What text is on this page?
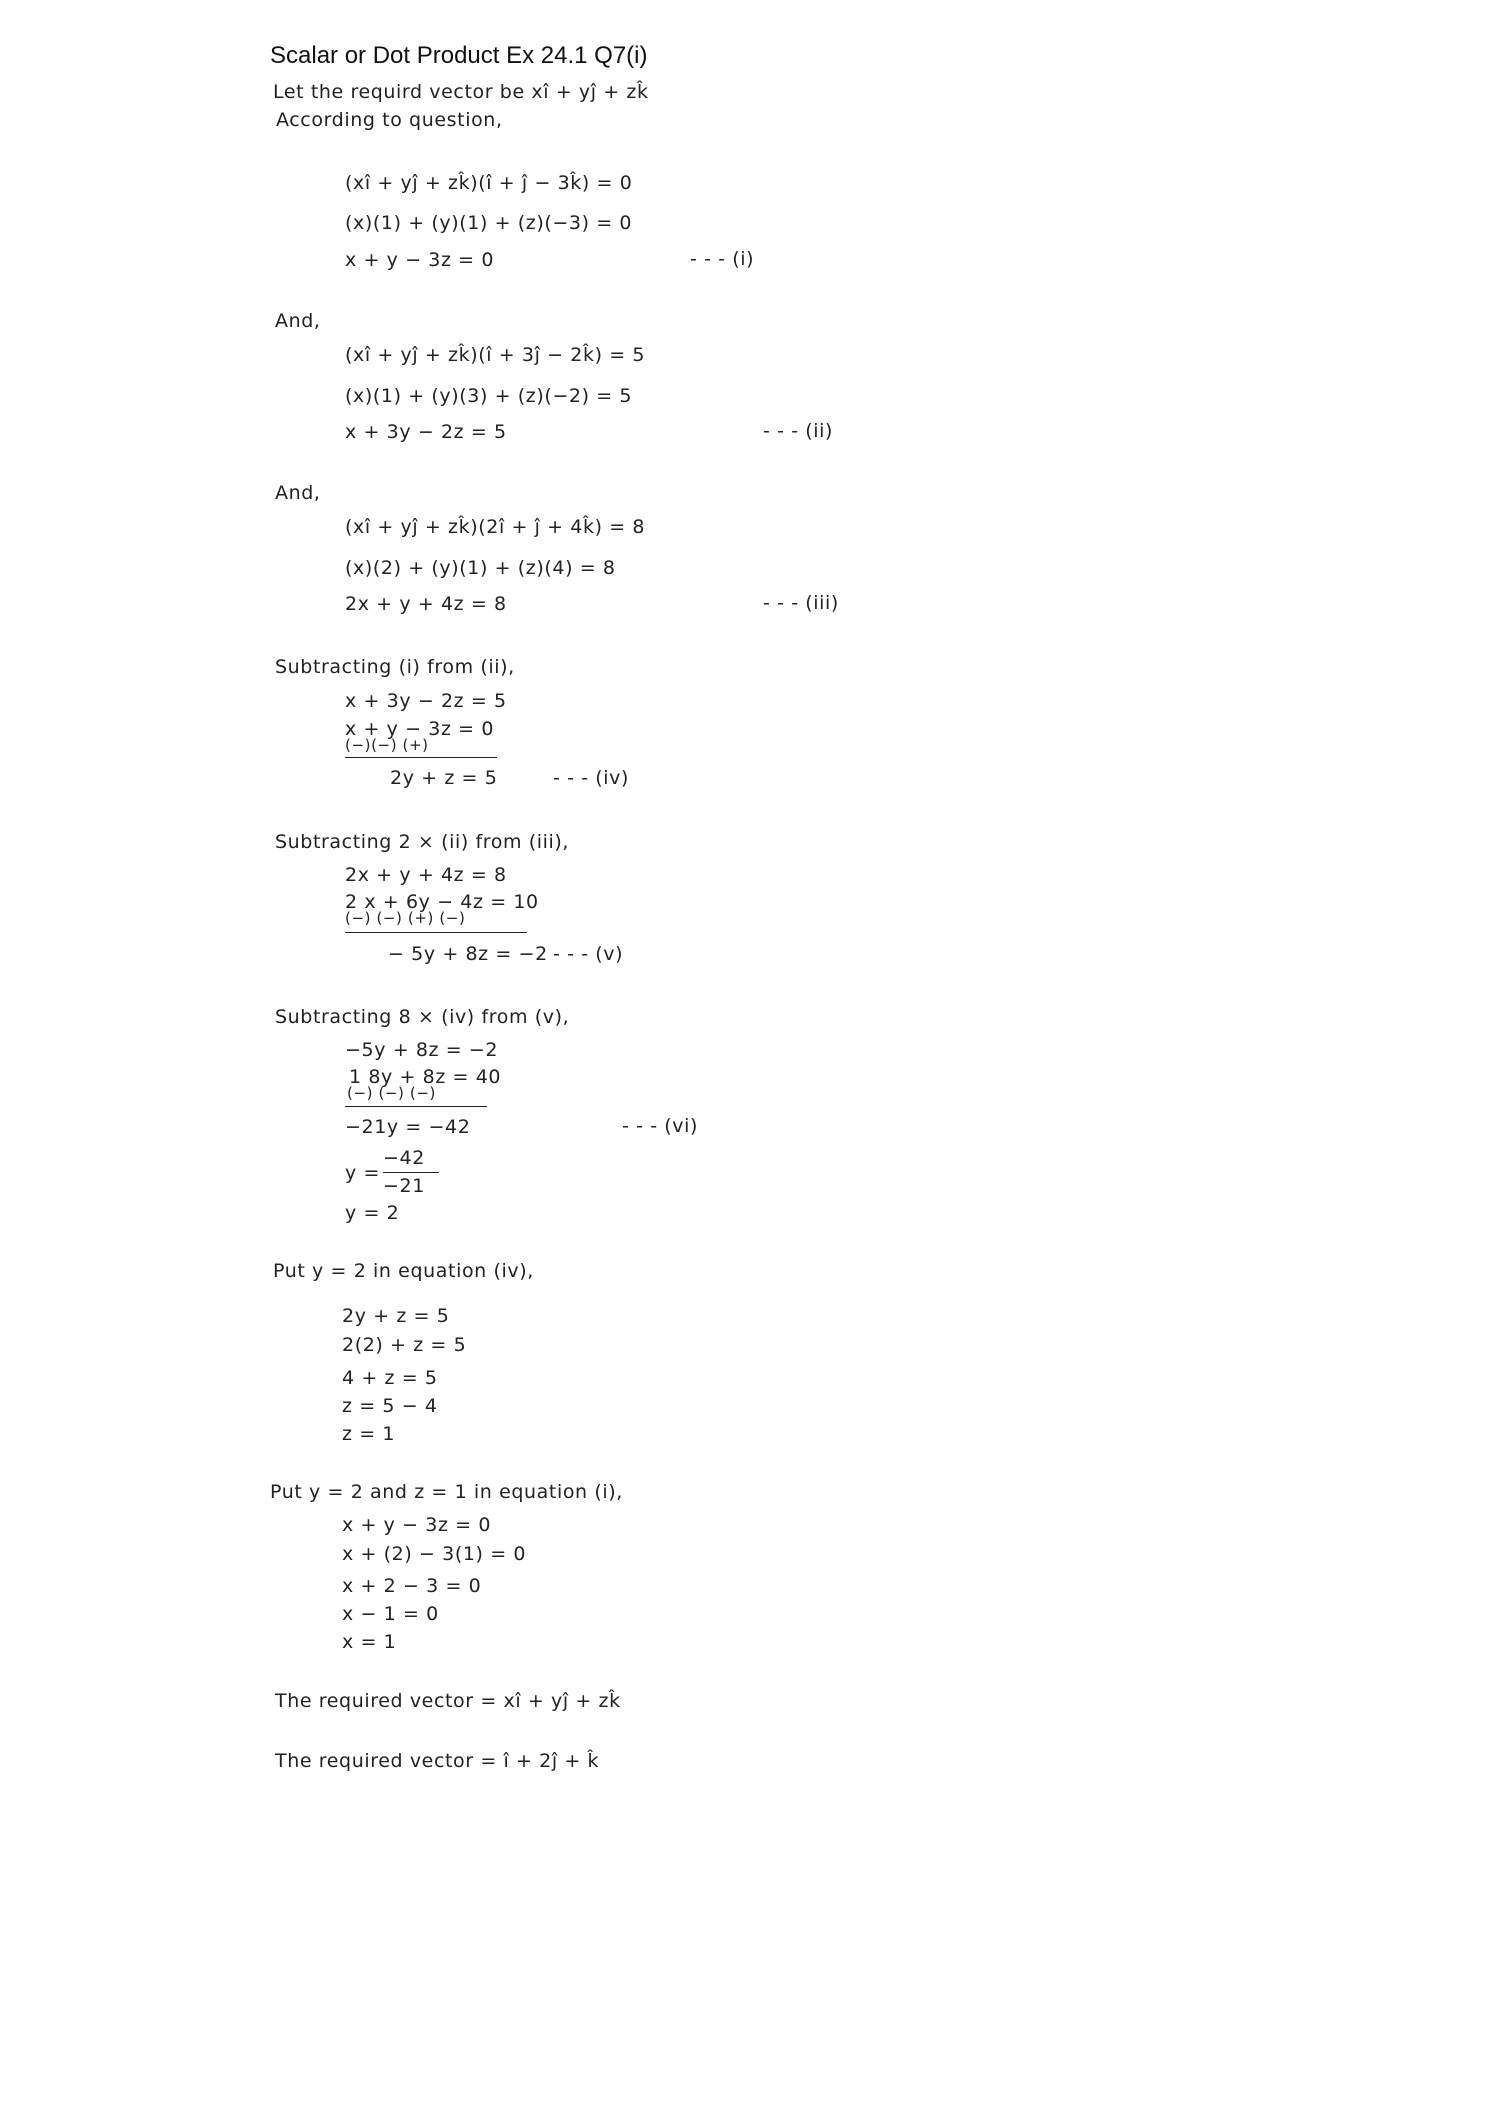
Scalar or Dot Product Ex 24.1 Q7(i)
Let the requird vector be xî + yĵ + zk̂
According to question,
(xî + yĵ + zk̂)(î + ĵ − 3k̂) = 0
(x)(1) + (y)(1) + (z)(−3) = 0
x + y − 3z = 0	- - - (i)
And,
(xî + yĵ + zk̂)(î + 3ĵ − 2k̂) = 5
(x)(1) + (y)(3) + (z)(−2) = 5
x + 3y − 2z = 5	- - - (ii)
And,
(xî + yĵ + zk̂)(2î + ĵ + 4k̂) = 8
(x)(2) + (y)(1) + (z)(4) = 8
2x + y + 4z = 8	- - - (iii)
Subtracting (i) from (ii),
x + 3y − 2z = 5
x + y − 3z = 0
(−)(−) (+)
2y + z = 5	- - - (iv)
Subtracting 2 × (ii) from (iii),
2x + y + 4z = 8
2 x + 6y − 4z = 10
(−) (−) (+) (−)
− 5y + 8z = −2 - - - (v)
Subtracting 8 × (iv) from (v),
−5y + 8z = −2
1 8y + 8z = 40
(−) (−) (−)
−21y = −42	- - - (vi)
y =
−42
−21
y = 2
Put y = 2 in equation (iv),
2y + z = 5
2(2) + z = 5
4 + z = 5
z = 5 − 4
z = 1
Put y = 2 and z = 1 in equation (i),
x + y − 3z = 0
x + (2) − 3(1) = 0
x + 2 − 3 = 0
x − 1 = 0
x = 1
The required vector = xî + yĵ + zk̂
The required vector = î + 2ĵ + k̂
